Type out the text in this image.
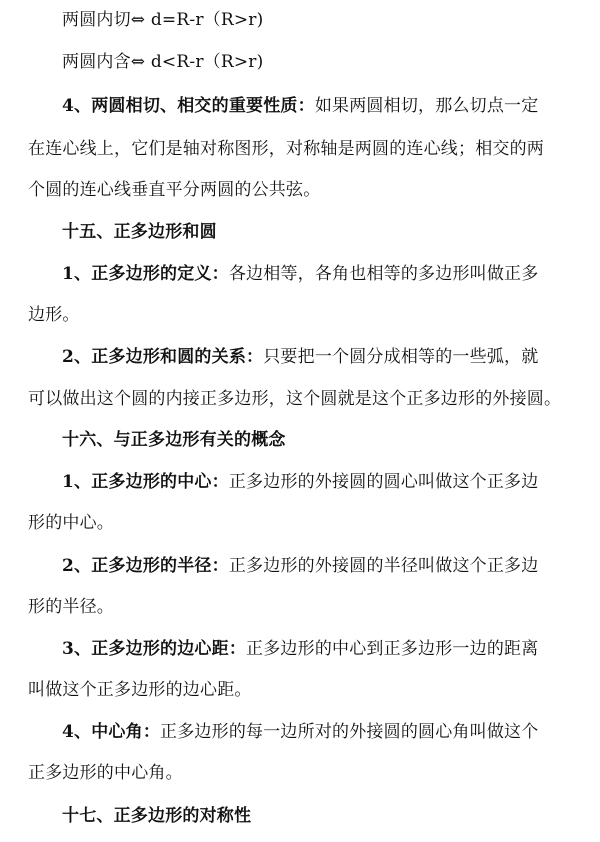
两圆内切⇔ d=R-r（R>r)
两圆内含⇔ d<R-r（R>r)
4、两圆相切、相交的重要性质：如果两圆相切，那么切点一定
在连心线上，它们是轴对称图形，对称轴是两圆的连心线；相交的两
个圆的连心线垂直平分两圆的公共弦。
十五、正多边形和圆
1、正多边形的定义：各边相等，各角也相等的多边形叫做正多
边形。
2、正多边形和圆的关系：只要把一个圆分成相等的一些弧，就
可以做出这个圆的内接正多边形，这个圆就是这个正多边形的外接圆。
十六、与正多边形有关的概念
1、正多边形的中心：正多边形的外接圆的圆心叫做这个正多边
形的中心。
2、正多边形的半径：正多边形的外接圆的半径叫做这个正多边
形的半径。
3、正多边形的边心距：正多边形的中心到正多边形一边的距离
叫做这个正多边形的边心距。
4、中心角：正多边形的每一边所对的外接圆的圆心角叫做这个
正多边形的中心角。
十七、正多边形的对称性
